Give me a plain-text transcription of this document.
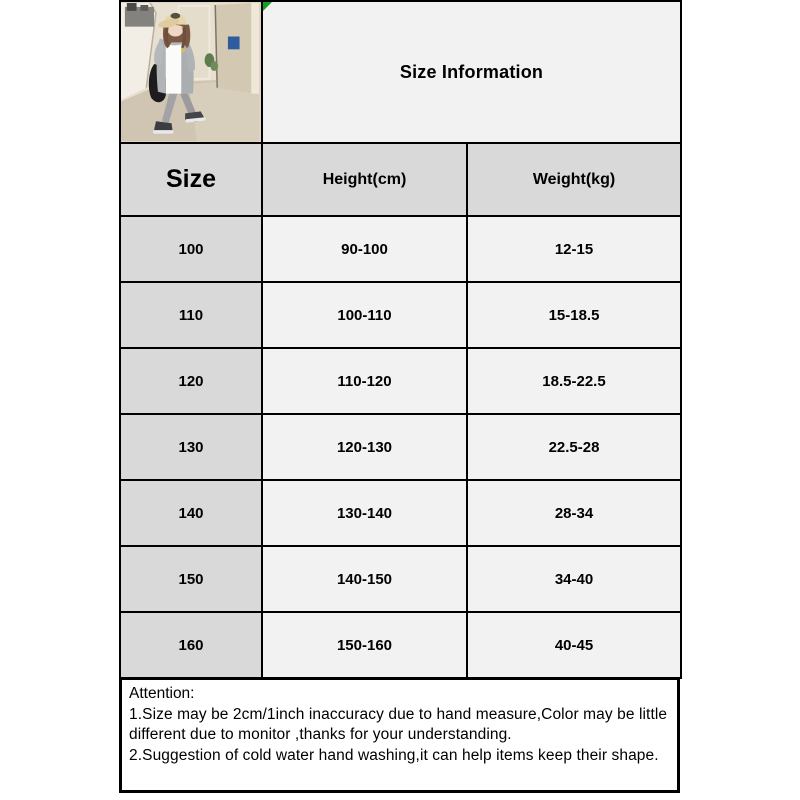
Size Information	
Size	Height(cm)	Weight(kg)
100	90-100	12-15
110	100-110	15-18.5
120	110-120	18.5-22.5
130	120-130	22.5-28
140	130-140	28-34
150	140-150	34-40
160	150-160	40-45
Attention:
1.Size may be 2cm/1inch inaccuracy due to hand measure,Color may be little different due to monitor ,thanks for your understanding.
2.Suggestion of cold water hand washing,it can help items keep their shape.
